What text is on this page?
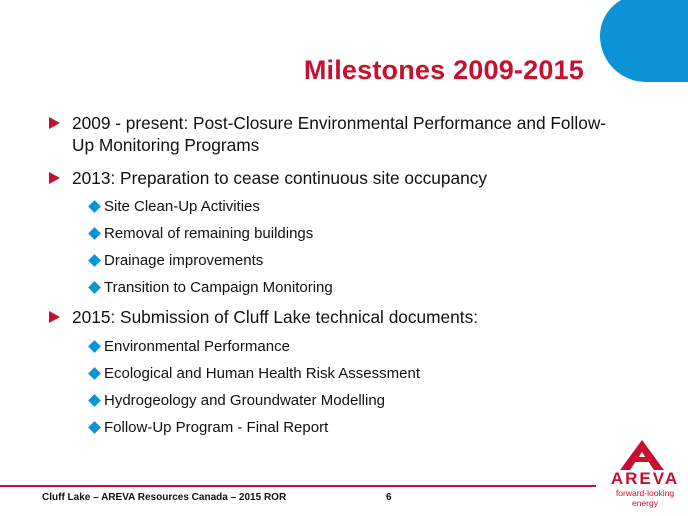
Milestones 2009-2015
2009 - present: Post-Closure Environmental Performance and Follow-Up Monitoring Programs
2013: Preparation to cease continuous site occupancy
Site Clean-Up Activities
Removal of remaining buildings
Drainage improvements
Transition to Campaign Monitoring
2015: Submission of Cluff Lake technical documents:
Environmental Performance
Ecological and Human Health Risk Assessment
Hydrogeology and Groundwater Modelling
Follow-Up Program - Final Report
Cluff Lake – AREVA Resources Canada – 2015 ROR	6
AREVA
forward-looking energy
